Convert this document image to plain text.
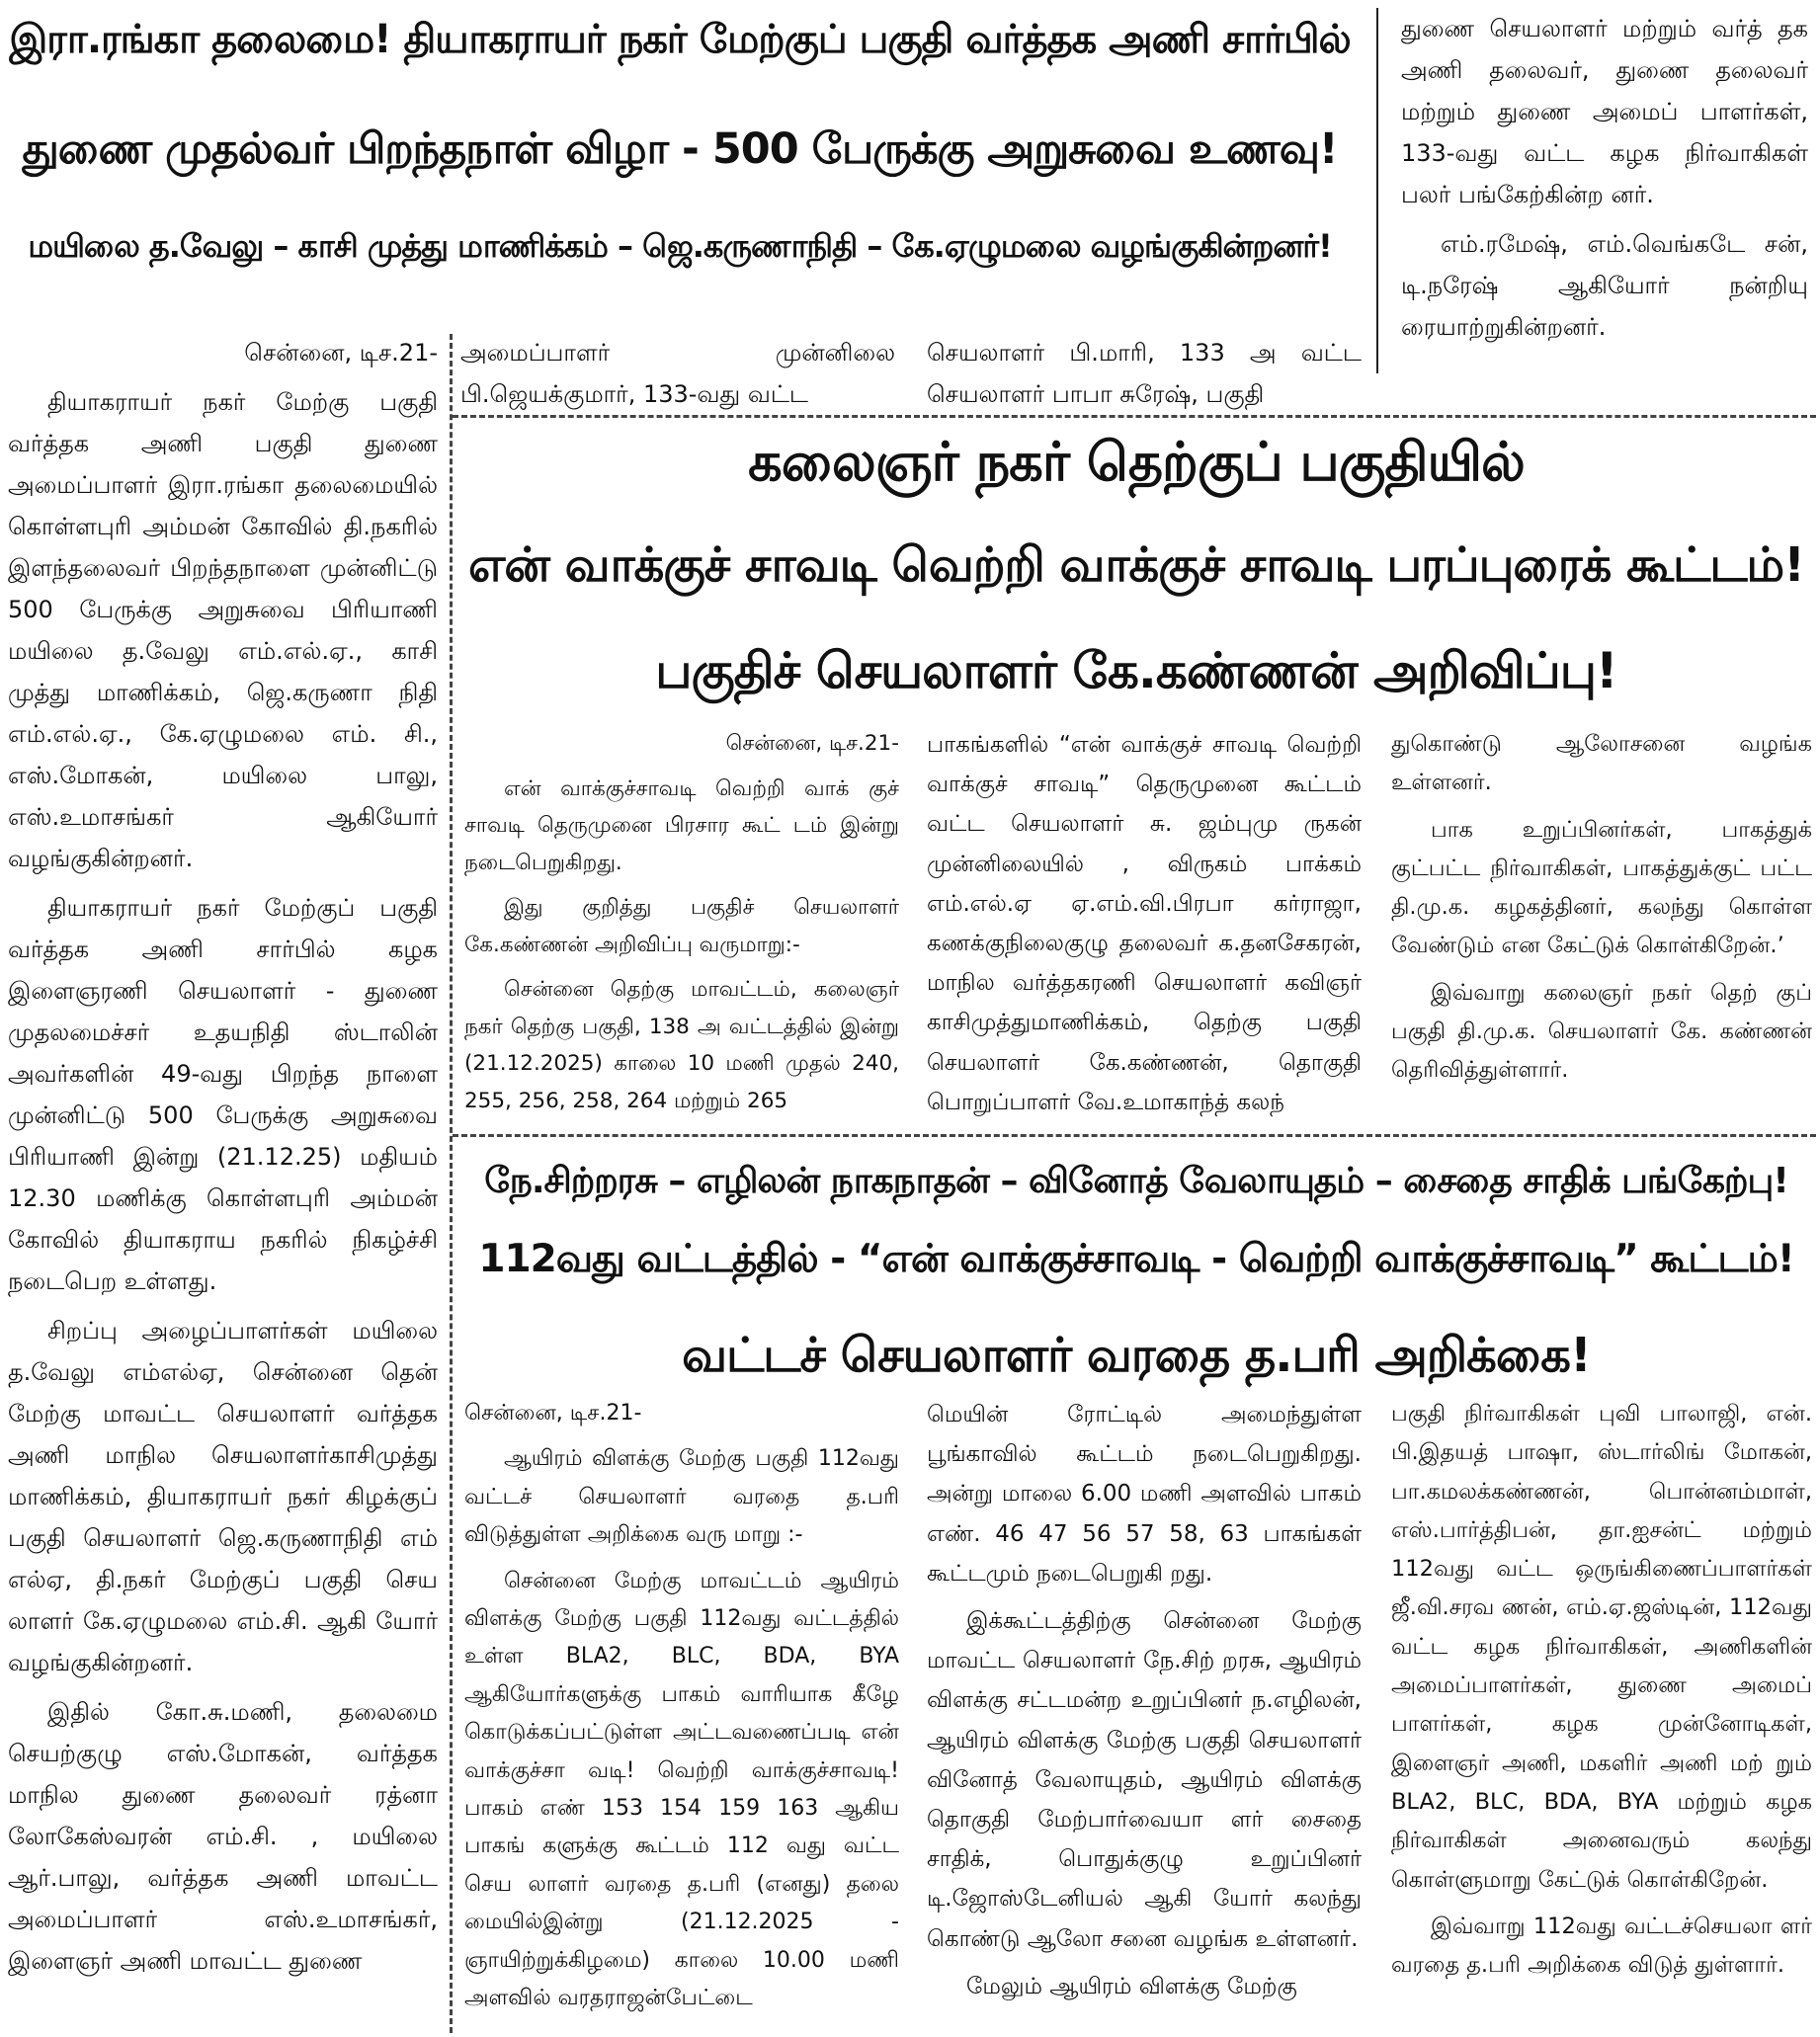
இரா.ரங்கா தலைமை! தியாகராயர் நகர் மேற்குப் பகுதி வர்த்தக அணி சார்பில்
துணை முதல்வர் பிறந்தநாள் விழா - 500 பேருக்கு அறுசுவை உணவு!
மயிலை த.வேலு – காசி முத்து மாணிக்கம் – ஜெ.கருணாநிதி – கே.ஏழுமலை வழங்குகின்றனர்!

துணை செயலாளர் மற்றும் வர்த் தக அணி தலைவர், துணை தலைவர் மற்றும் துணை அமைப் பாளர்கள், 133-வது வட்ட கழக நிர்வாகிகள் பலர் பங்கேற்கின்ற னர்.

எம்.ரமேஷ், எம்.வெங்கடே சன், டி.நரேஷ் ஆகியோர் நன்றியு ரையாற்றுகின்றனர்.

சென்னை, டிச.21-

தியாகராயர் நகர் மேற்கு பகுதி வர்த்தக அணி பகுதி துணை அமைப்பாளர் இரா.ரங்கா தலைமையில் கொள்ளபுரி அம்மன் கோவில் தி.நகரில் இளந்தலைவர் பிறந்தநாளை முன்னிட்டு 500 பேருக்கு அறுசுவை பிரியாணி மயிலை த.வேலு எம்.எல்.ஏ., காசி முத்து மாணிக்கம், ஜெ.கருணா நிதி எம்.எல்.ஏ., கே.ஏழுமலை எம். சி., எஸ்.மோகன், மயிலை பாலு, எஸ்.உமாசங்கர் ஆகியோர் வழங்குகின்றனர்.

தியாகராயர் நகர் மேற்குப் பகுதி வர்த்தக அணி சார்பில் கழக இளைஞரணி செயலாளர் - துணை முதலமைச்சர் உதயநிதி ஸ்டாலின் அவர்களின் 49-வது பிறந்த நாளை முன்னிட்டு 500 பேருக்கு அறுசுவை பிரியாணி இன்று (21.12.25) மதியம் 12.30 மணிக்கு கொள்ளபுரி அம்மன் கோவில் தியாகராய நகரில் நிகழ்ச்சி நடைபெற உள்ளது.

சிறப்பு அழைப்பாளர்கள் மயிலை த.வேலு எம்எல்ஏ, சென்னை தென் மேற்கு மாவட்ட செயலாளர் வர்த்தக அணி மாநில செயலாளர்காசிமுத்து மாணிக்கம், தியாகராயர் நகர் கிழக்குப் பகுதி செயலாளர் ஜெ.கருணாநிதி எம் எல்ஏ, தி.நகர் மேற்குப் பகுதி செய லாளர் கே.ஏழுமலை எம்.சி. ஆகி யோர் வழங்குகின்றனர்.

இதில் கோ.சு.மணி, தலைமை செயற்குழு எஸ்.மோகன், வர்த்தக மாநில துணை தலைவர் ரத்னா லோகேஸ்வரன் எம்.சி. , மயிலை ஆர்.பாலு, வர்த்தக அணி மாவட்ட அமைப்பாளர் எஸ்.உமாசங்கர், இளைஞர் அணி மாவட்ட துணை

அமைப்பாளர் முன்னிலை பி.ஜெயக்குமார், 133-வது வட்ட

செயலாளர் பி.மாரி, 133 அ வட்ட செயலாளர் பாபா சுரேஷ், பகுதி

கலைஞர் நகர் தெற்குப் பகுதியில்
என் வாக்குச் சாவடி வெற்றி வாக்குச் சாவடி பரப்புரைக் கூட்டம்!
பகுதிச் செயலாளர் கே.கண்ணன் அறிவிப்பு!

சென்னை, டிச.21-

என் வாக்குச்சாவடி வெற்றி வாக் குச் சாவடி தெருமுனை பிரசார கூட் டம் இன்று நடைபெறுகிறது.

இது குறித்து பகுதிச் செயலாளர் கே.கண்ணன் அறிவிப்பு வருமாறு:-

சென்னை தெற்கு மாவட்டம், கலைஞர் நகர் தெற்கு பகுதி, 138 அ வட்டத்தில் இன்று (21.12.2025) காலை 10 மணி முதல் 240, 255, 256, 258, 264 மற்றும் 265

பாகங்களில் “என் வாக்குச் சாவடி வெற்றி வாக்குச் சாவடி” தெருமுனை கூட்டம் வட்ட செயலாளர் சு. ஜம்புமு ருகன் முன்னிலையில் , விருகம் பாக்கம் எம்.எல்.ஏ ஏ.எம்.வி.பிரபா கர்ராஜா, கணக்குநிலைகுழு தலைவர் க.தனசேகரன், மாநில வர்த்தகரணி செயலாளர் கவிஞர் காசிமுத்துமாணிக்கம், தெற்கு பகுதி செயலாளர் கே.கண்ணன், தொகுதி பொறுப்பாளர் வே.உமாகாந்த் கலந்

துகொண்டு ஆலோசனை வழங்க உள்ளனர்.

பாக உறுப்பினர்கள், பாகத்துக் குட்பட்ட நிர்வாகிகள், பாகத்துக்குட் பட்ட தி.மு.க. கழகத்தினர், கலந்து கொள்ள வேண்டும் என கேட்டுக் கொள்கிறேன்.’

இவ்வாறு கலைஞர் நகர் தெற் குப் பகுதி தி.மு.க. செயலாளர் கே. கண்ணன் தெரிவித்துள்ளார்.

நே.சிற்றரசு – எழிலன் நாகநாதன் – வினோத் வேலாயுதம் – சைதை சாதிக் பங்கேற்பு!
112வது வட்டத்தில் - “என் வாக்குச்சாவடி - வெற்றி வாக்குச்சாவடி” கூட்டம்!
வட்டச் செயலாளர் வரதை த.பரி அறிக்கை!

சென்னை, டிச.21-

ஆயிரம் விளக்கு மேற்கு பகுதி 112வது வட்டச் செயலாளர் வரதை த.பரி விடுத்துள்ள அறிக்கை வரு மாறு :-

சென்னை மேற்கு மாவட்டம் ஆயிரம் விளக்கு மேற்கு பகுதி 112வது வட்டத்தில் உள்ள BLA2, BLC, BDA, BYA ஆகியோர்களுக்கு பாகம் வாரியாக கீழே கொடுக்கப்பட்டுள்ள அட்டவணைப்படி என் வாக்குச்சா வடி! வெற்றி வாக்குச்சாவடி! பாகம் எண் 153 154 159 163 ஆகிய பாகங் களுக்கு கூட்டம் 112 வது வட்ட செய லாளர் வரதை த.பரி (எனது) தலை மையில்இன்று (21.12.2025 - ஞாயிற்றுக்கிழமை) காலை 10.00 மணி அளவில் வரதராஜன்பேட்டை

மெயின் ரோட்டில் அமைந்துள்ள பூங்காவில் கூட்டம் நடைபெறுகிறது. அன்று மாலை 6.00 மணி அளவில் பாகம் எண். 46 47 56 57 58, 63 பாகங்கள் கூட்டமும் நடைபெறுகி றது.

இக்கூட்டத்திற்கு சென்னை மேற்கு மாவட்ட செயலாளர் நே.சிற் றரசு, ஆயிரம் விளக்கு சட்டமன்ற உறுப்பினர் ந.எழிலன், ஆயிரம் விளக்கு மேற்கு பகுதி செயலாளர் வினோத் வேலாயுதம், ஆயிரம் விளக்கு தொகுதி மேற்பார்வையா ளர் சைதை சாதிக், பொதுக்குழு உறுப்பினர் டி.ஜோஸ்டேனியல் ஆகி யோர் கலந்து கொண்டு ஆலோ சனை வழங்க உள்ளனர்.

மேலும் ஆயிரம் விளக்கு மேற்கு

பகுதி நிர்வாகிகள் புவி பாலாஜி, என். பி.இதயத் பாஷா, ஸ்டார்லிங் மோகன், பா.கமலக்கண்ணன், பொன்னம்மாள், எஸ்.பார்த்திபன், தா.ஐசன்ட் மற்றும் 112வது வட்ட ஒருங்கிணைப்பாளர்கள் ஜீ.வி.சரவ ணன், எம்.ஏ.ஜஸ்டின், 112வது வட்ட கழக நிர்வாகிகள், அணிகளின் அமைப்பாளர்கள், துணை அமைப் பாளர்கள், கழக முன்னோடிகள், இளைஞர் அணி, மகளிர் அணி மற் றும் BLA2, BLC, BDA, BYA மற்றும் கழக நிர்வாகிகள் அனைவரும் கலந்து கொள்ளுமாறு கேட்டுக் கொள்கிறேன்.

இவ்வாறு 112வது வட்டச்செயலா ளர் வரதை த.பரி அறிக்கை விடுத் துள்ளார்.
